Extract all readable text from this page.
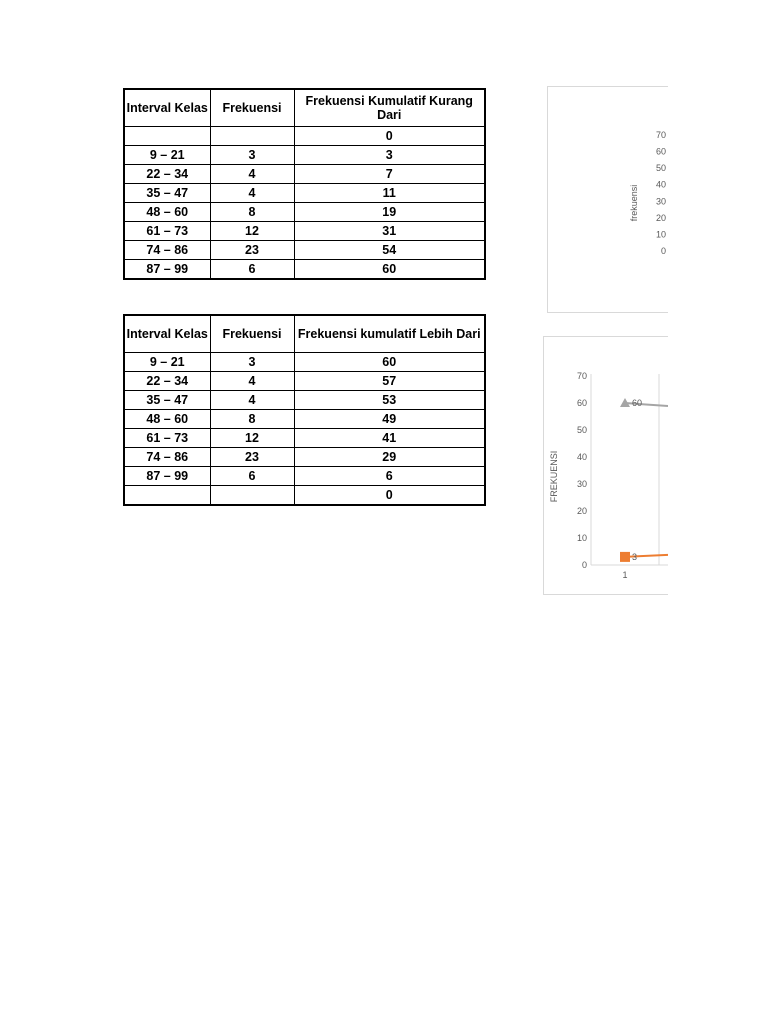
Interval Kelas	Frekuensi	Frekuensi Kumulatif Kurang Dari
		0
9 – 21	3	3
22 – 34	4	7
35 – 47	4	11
48 – 60	8	19
61 – 73	12	31
74 – 86	23	54
87 – 99	6	60
Interval Kelas	Frekuensi	Frekuensi kumulatif Lebih Dari
9 – 21	3	60
22 – 34	4	57
35 – 47	4	53
48 – 60	8	49
61 – 73	12	41
74 – 86	23	29
87 – 99	6	6
		0
0
10
20
30
40
50
60
70
frekuensi
0
10
20
30
40
50
60
70
FREKUENSI
1
60
3
